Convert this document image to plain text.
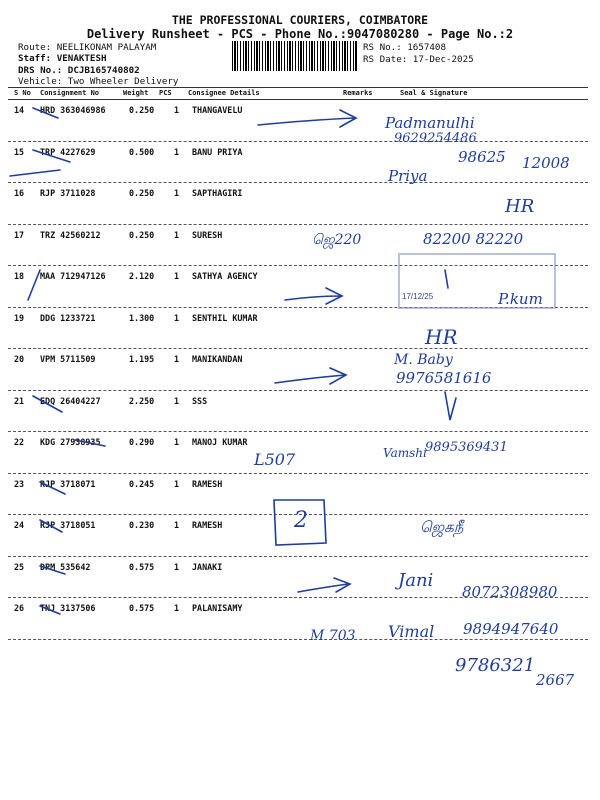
THE PROFESSIONAL COURIERS, COIMBATORE
Delivery Runsheet - PCS - Phone No.:9047080280 - Page No.:2
Route: NEELIKONAM PALAYAM
Staff: VENAKTESH
DRS No.: DCJB165740802
Vehicle: Two Wheeler Delivery
RS No.: 1657408
RS Date: 17-Dec-2025
S No Consignment No	Weight PCS Consignee Details	Remarks	Seal & Signature
14 HRD 363046986	0.250 1 THANGAVELU
15 TRP 4227629	0.500 1 BANU PRIYA
16 RJP 3711028	0.250 1 SAPTHAGIRI
17 TRZ 42560212	0.250 1 SURESH
18 MAA 712947126	2.120 1 SATHYA AGENCY
19 DDG 1233721	1.300 1 SENTHIL KUMAR
20 VPM 5711509	1.195 1 MANIKANDAN
21 EDQ 26404227	2.250 1 SSS
22 KDG 27938935	0.290 1 MANOJ KUMAR
23 RJP 3718071	0.245 1 RAMESH
24 RJP 3718051	0.230 1 RAMESH
25 DPM 535642	0.575 1 JANAKI
26 TNJ 3137506	0.575 1 PALANISAMY
17/12/25
Padmanulhi
9629254486
98625 12008
Priya
HR
ஜெ220	82200 82220
P.kum
HR
M. Baby
9976581616
L507	Vamshi
9895369431
2	ஜெகநீ
Jani
8072308980
M 703 Vimal 9894947640
9786321
2667
